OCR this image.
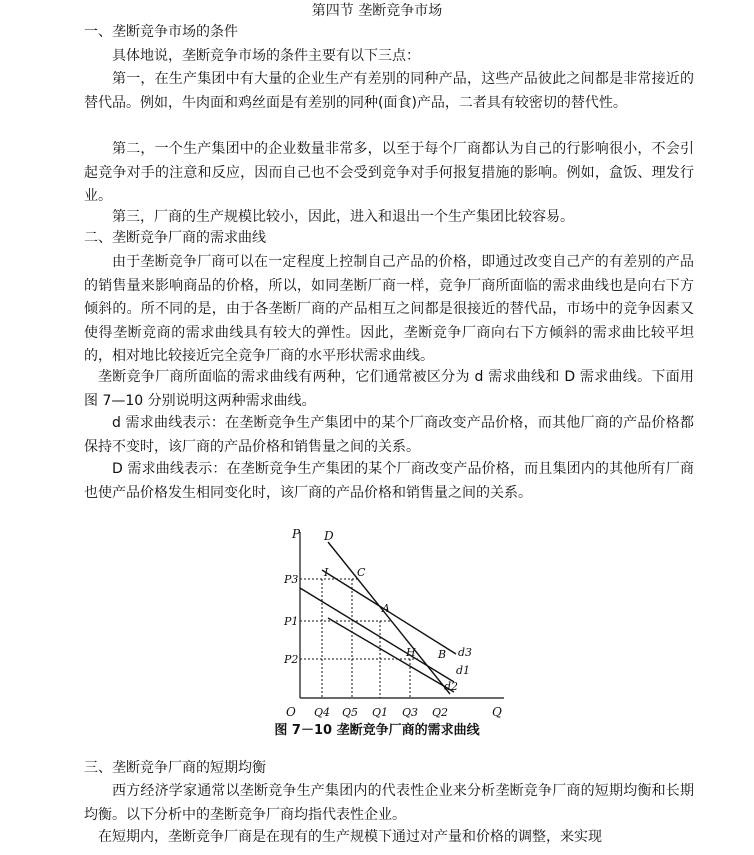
第四节 垄断竞争市场
一、垄断竞争市场的条件

具体地说，垄断竞争市场的条件主要有以下三点：

第一，在生产集团中有大量的企业生产有差别的同种产品，这些产品彼此之间都是非常接近的替代品。例如，牛肉面和鸡丝面是有差别的同种(面食)产品，二者具有较密切的替代性。

第二，一个生产集团中的企业数量非常多，以至于每个厂商都认为自己的行影响很小，不会引起竞争对手的注意和反应，因而自己也不会受到竞争对手何报复措施的影响。例如，盒饭、理发行业。

第三，厂商的生产规模比较小，因此，进入和退出一个生产集团比较容易。

二、垄断竞争厂商的需求曲线

由于垄断竞争厂商可以在一定程度上控制自己产品的价格，即通过改变自己产的有差别的产品的销售量来影响商品的价格，所以，如同垄断厂商一样，竞争厂商所面临的需求曲线也是向右下方倾斜的。所不同的是，由于各垄断厂商的产品相互之间都是很接近的替代品，市场中的竞争因素又使得垄断竞商的需求曲线具有较大的弹性。因此，垄断竞争厂商向右下方倾斜的需求曲比较平坦的，相对地比较接近完全竞争厂商的水平形状需求曲线。

垄断竞争厂商所面临的需求曲线有两种，它们通常被区分为 d 需求曲线和 D 需求曲线。下面用图 7—10 分别说明这两种需求曲线。

d 需求曲线表示：在垄断竞争生产集团中的某个厂商改变产品价格，而其他厂商的产品价格都保持不变时，该厂商的产品价格和销售量之间的关系。

D 需求曲线表示：在垄断竞争生产集团的某个厂商改变产品价格，而且集团内的其他所有厂商也使产品价格发生相同变化时，该厂商的产品价格和销售量之间的关系。

P
Q
O
P3
P1
P2
Q4 Q5 Q1 Q3 Q2
D
I	C
A
H B d3
d1
d2
图 7－10 垄断竞争厂商的需求曲线
三、垄断竞争厂商的短期均衡

西方经济学家通常以垄断竞争生产集团内的代表性企业来分析垄断竞争厂商的短期均衡和长期均衡。以下分析中的垄断竞争厂商均指代表性企业。

在短期内，垄断竞争厂商是在现有的生产规模下通过对产量和价格的调整，来实现
